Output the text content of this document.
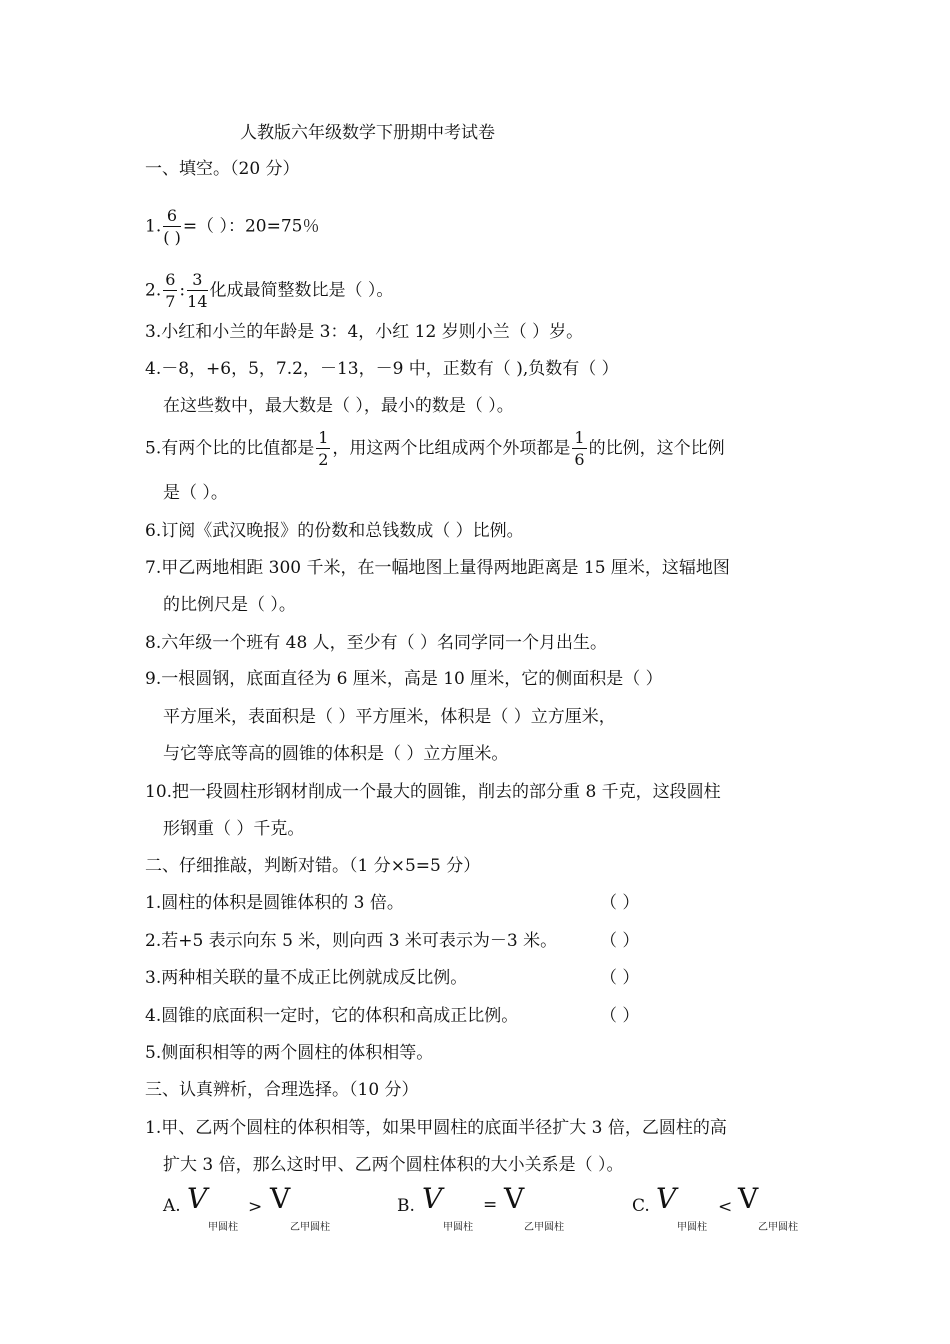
人教版六年级数学下册期中考试卷
一、填空。（20 分）
1. $\frac{6}{( )}$ =（ ）：20=75％
2. $\frac{6}{7}$ : $\frac{3}{14}$ 化成最简整数比是（ ）。
3.小红和小兰的年龄是 3：4，小红 12 岁则小兰（ ）岁。
4.－8，+6，5，7.2，－13，－9 中，正数有（ ),负数有（ ）
在这些数中，最大数是（ ），最小的数是（ ）。
5.有两个比的比值都是 $\frac{1}{2}$ ，用这两个比组成两个外项都是 $\frac{1}{6}$ 的比例，这个比例
是（ ）。
6.订阅《武汉晚报》的份数和总钱数成（ ）比例。
7.甲乙两地相距 300 千米，在一幅地图上量得两地距离是 15 厘米，这辐地图
的比例尺是（ ）。
8.六年级一个班有 48 人，至少有（ ）名同学同一个月出生。
9.一根圆钢，底面直径为 6 厘米，高是 10 厘米，它的侧面积是（ ）
平方厘米，表面积是（ ）平方厘米，体积是（ ）立方厘米，
与它等底等高的圆锥的体积是（ ）立方厘米。
10.把一段圆柱形钢材削成一个最大的圆锥，削去的部分重 8 千克，这段圆柱
形钢重（ ）千克。
二、仔细推敲，判断对错。（1 分×5=5 分）
1.圆柱的体积是圆锥体积的 3 倍。	（ ）
2.若+5 表示向东 5 米，则向西 3 米可表示为－3 米。	（ ）
3.两种相关联的量不成正比例就成反比例。	（ ）
4.圆锥的底面积一定时，它的体积和高成正比例。	（ ）
5.侧面积相等的两个圆柱的体积相等。
三、认真辨析，合理选择。（10 分）
1.甲、乙两个圆柱的体积相等，如果甲圆柱的底面半径扩大 3 倍，乙圆柱的高
扩大 3 倍，那么这时甲、乙两个圆柱体积的大小关系是（ ）。
A. V
甲圆柱
> V
乙甲圆柱
B. V
甲圆柱
= V
乙甲圆柱
C. V
甲圆柱
< V
乙甲圆柱
